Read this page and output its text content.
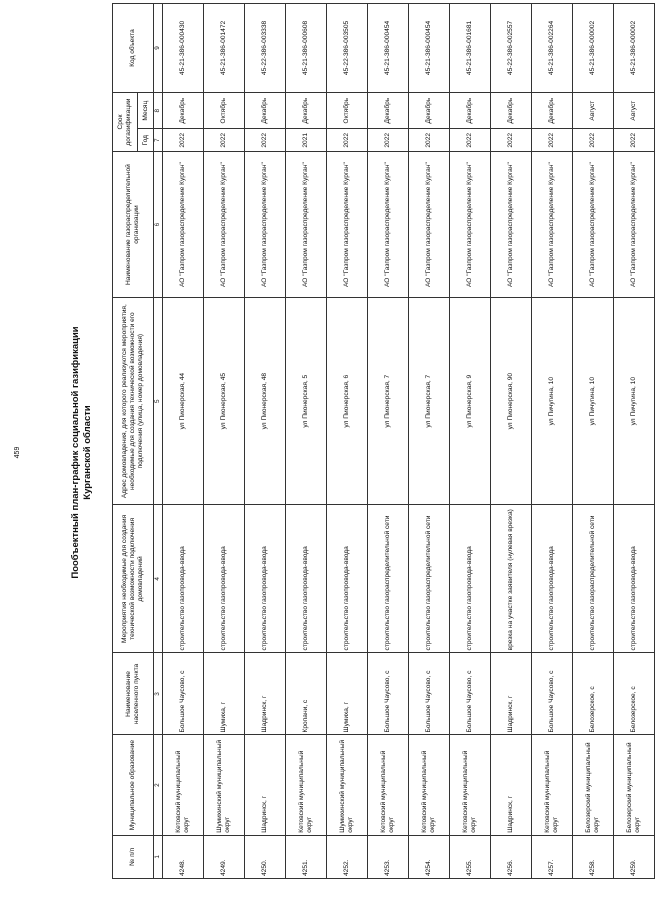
459	Пообъектный план-график социальной газификации Курганской области
№ п/п	Муниципальное образование	Наименование населенного пункта	Мероприятия необходимые для создания технической возможности подключения домовладений	Адрес домовладения, для которого реализуются мероприятия, необходимые для создания технической возможности его подключения (улица, номер домовладения)	Наименование газораспределительной организации	Срок догазификации		Код объекта
						Год	Месяц	
1	2	3	4	5	6	7	8	9
4248.	Кетовский муниципальный округ	Большое Чаусово, с	строительство газопровода-ввода	ул Пионерская, 44	АО "Газпром газораспределение Курган"	2022	Декабрь	45-21-386-000430
4249.	Шумихинский муниципальный округ	Шумиха, г	строительство газопровода-ввода	ул Пионерская, 45	АО "Газпром газораспределение Курган"	2022	Октябрь	45-21-386-001472
4250.	Шадринск, г	Шадринск, г	строительство газопровода-ввода	ул Пионерская, 48	АО "Газпром газораспределение Курган"	2022	Декабрь	45-22-386-003338
4251.	Кетовский муниципальный округ	Кропани, с	строительство газопровода-ввода	ул Пионерская, 5	АО "Газпром газораспределение Курган"	2021	Декабрь	45-21-386-000608
4252.	Шумихинский муниципальный округ	Шумиха, г	строительство газопровода-ввода	ул Пионерская, 6	АО "Газпром газораспределение Курган"	2022	Октябрь	45-22-386-003505
4253.	Кетовский муниципальный округ	Большое Чаусово, с	строительство газораспределительной сети	ул Пионерская, 7	АО "Газпром газораспределение Курган"	2022	Декабрь	45-21-386-000454
4254.	Кетовский муниципальный округ	Большое Чаусово, с	строительство газораспределительной сети	ул Пионерская, 7	АО "Газпром газораспределение Курган"	2022	Декабрь	45-21-386-000454
4255.	Кетовский муниципальный округ	Большое Чаусово, с	строительство газопровода-ввода	ул Пионерская, 9	АО "Газпром газораспределение Курган"	2022	Декабрь	45-21-386-001681
4256.	Шадринск, г	Шадринск, г	врезка на участке заявителя (нулевая врезка)	ул Пионерская, 90	АО "Газпром газораспределение Курган"	2022	Декабрь	45-22-386-002557
4257.	Кетовский муниципальный округ	Большое Чаусово, с	строительство газопровода-ввода	ул Пичугина, 10	АО "Газпром газораспределение Курган"	2022	Декабрь	45-21-386-002264
4258.	Белозерский муниципальный округ	Белозерское, с	строительство газораспределительной сети	ул Пичугина, 10	АО "Газпром газораспределение Курган"	2022	Август	45-21-386-000002
4259.	Белозерский муниципальный округ	Белозерское, с	строительство газопровода-ввода	ул Пичугина, 10	АО "Газпром газораспределение Курган"	2022	Август	45-21-386-000002
